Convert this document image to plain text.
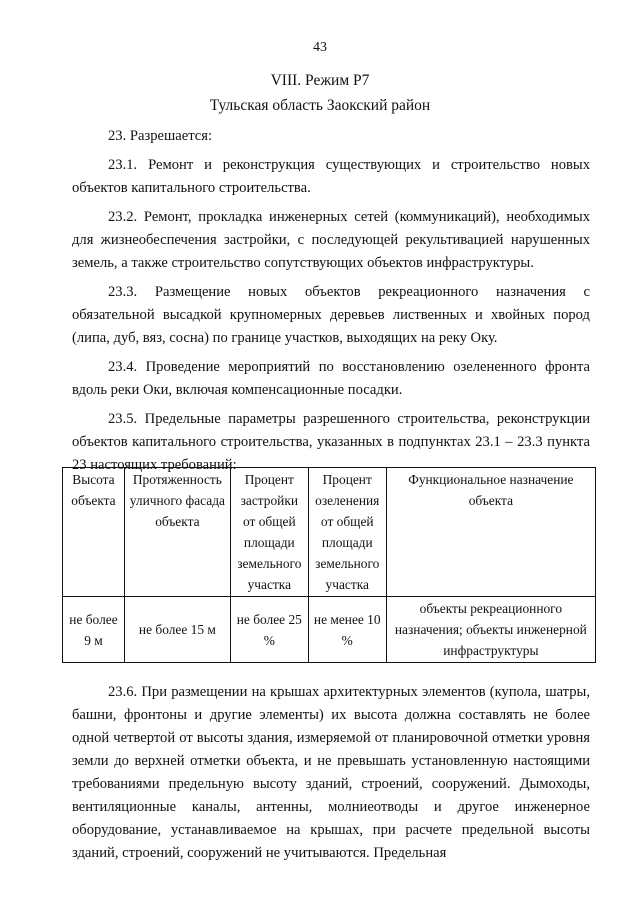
43
VIII. Режим Р7
Тульская область Заокский район

23. Разрешается:

23.1. Ремонт и реконструкция существующих и строительство новых объектов капитального строительства.

23.2. Ремонт, прокладка инженерных сетей (коммуникаций), необходимых для жизнеобеспечения застройки, с последующей рекультивацией нарушенных земель, а также строительство сопутствующих объектов инфраструктуры.

23.3. Размещение новых объектов рекреационного назначения с обязательной высадкой крупномерных деревьев лиственных и хвойных пород (липа, дуб, вяз, сосна) по границе участков, выходящих на реку Оку.

23.4. Проведение мероприятий по восстановлению озелененного фронта вдоль реки Оки, включая компенсационные посадки.

23.5. Предельные параметры разрешенного строительства, реконструкции объектов капитального строительства, указанных в подпунктах 23.1 – 23.3 пункта 23 настоящих требований:

Высота объекта	Протяженность уличного фасада объекта	Процент застройки от общей площади земельного участка	Процент озеленения от общей площади земельного участка	Функциональное назначение объекта
не более 9 м	не более 15 м	не более 25 %	не менее 10 %	объекты рекреационного назначения; объекты инженерной инфраструктуры

23.6. При размещении на крышах архитектурных элементов (купола, шатры, башни, фронтоны и другие элементы) их высота должна составлять не более одной четвертой от высоты здания, измеряемой от планировочной отметки уровня земли до верхней отметки объекта, и не превышать установленную настоящими требованиями предельную высоту зданий, строений, сооружений. Дымоходы, вентиляционные каналы, антенны, молниеотводы и другое инженерное оборудование, устанавливаемое на крышах, при расчете предельной высоты зданий, строений, сооружений не учитываются. Предельная
